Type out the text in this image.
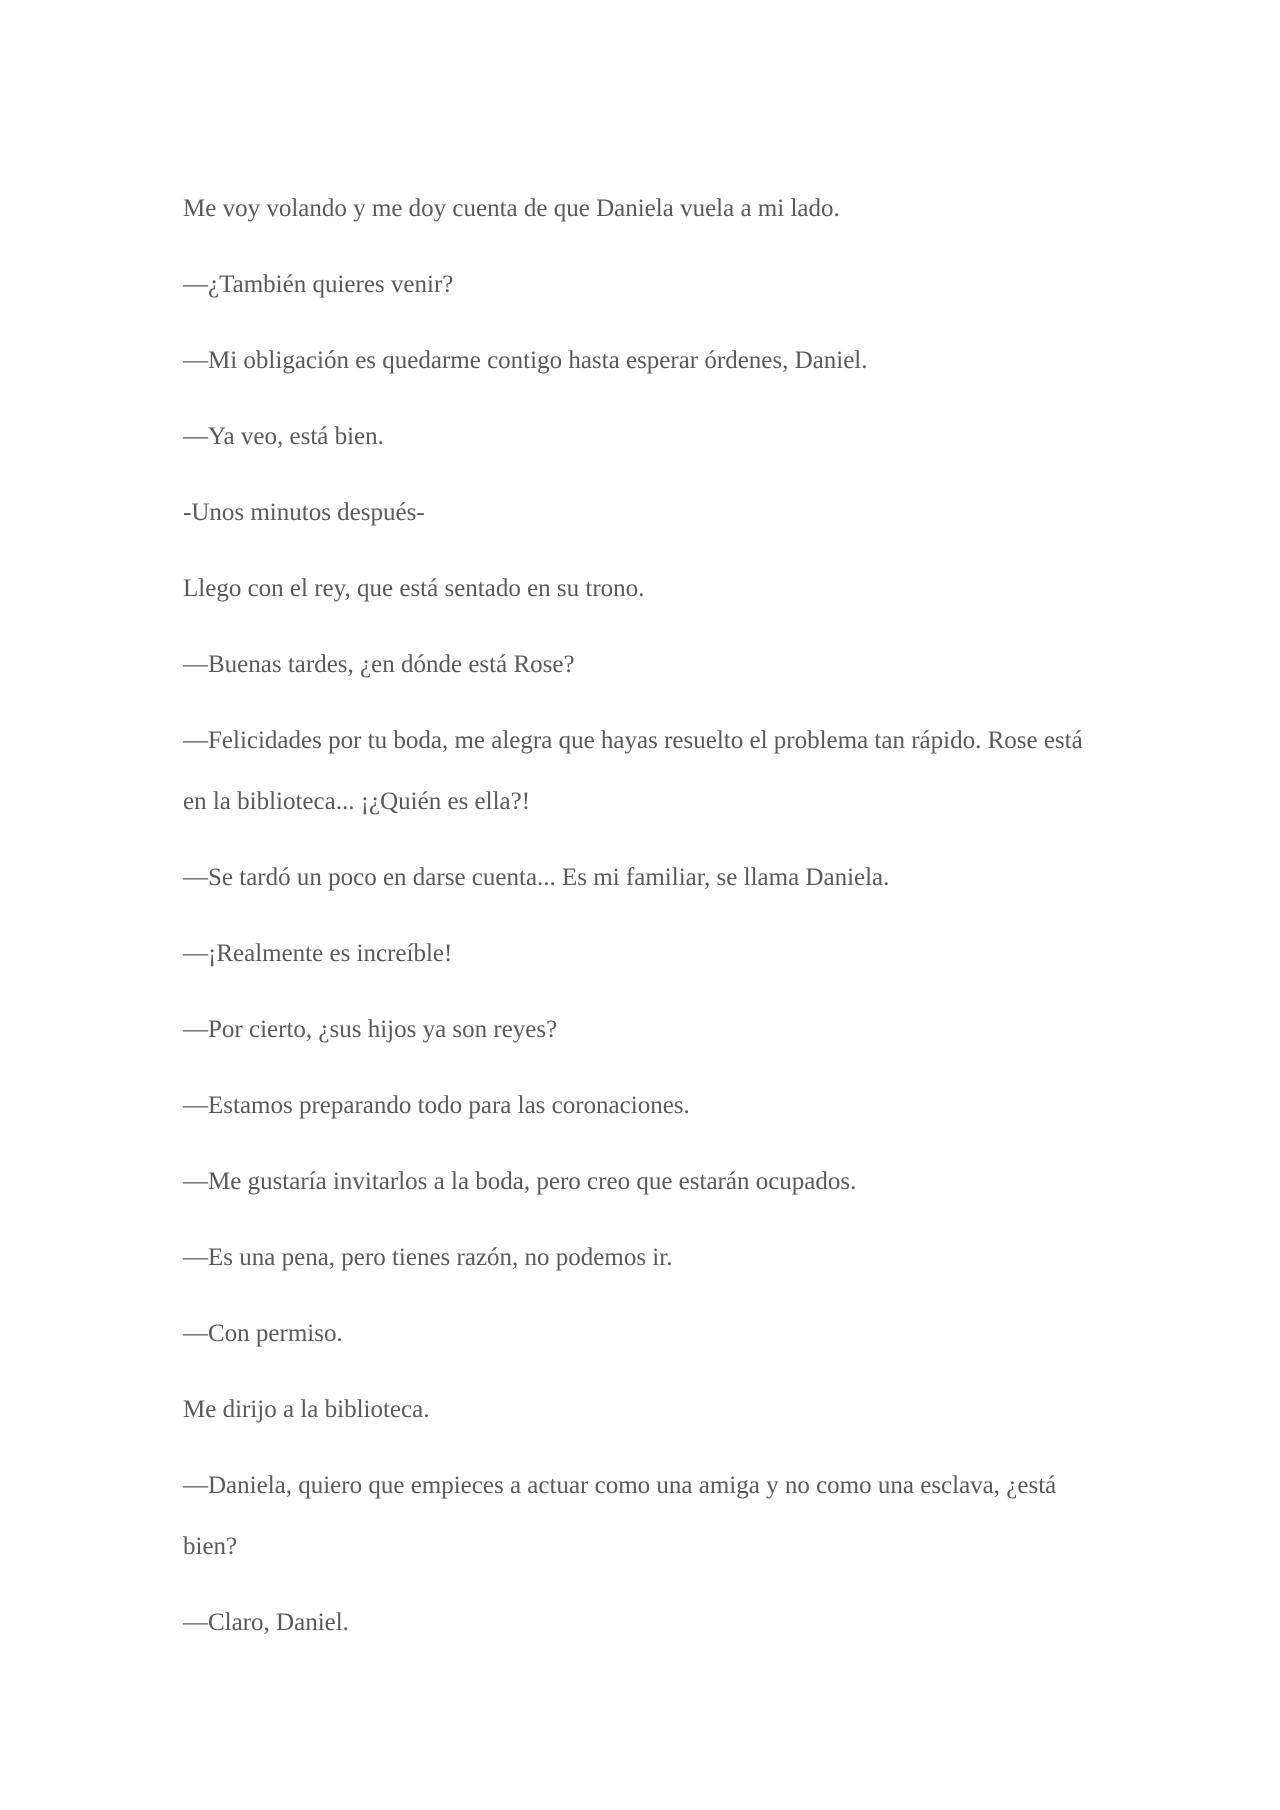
Me voy volando y me doy cuenta de que Daniela vuela a mi lado.

—¿También quieres venir?

—Mi obligación es quedarme contigo hasta esperar órdenes, Daniel.

—Ya veo, está bien.

-Unos minutos después-

Llego con el rey, que está sentado en su trono.

—Buenas tardes, ¿en dónde está Rose?

—Felicidades por tu boda, me alegra que hayas resuelto el problema tan rápido. Rose está en la biblioteca... ¡¿Quién es ella?!

—Se tardó un poco en darse cuenta... Es mi familiar, se llama Daniela.

—¡Realmente es increíble!

—Por cierto, ¿sus hijos ya son reyes?

—Estamos preparando todo para las coronaciones.

—Me gustaría invitarlos a la boda, pero creo que estarán ocupados.

—Es una pena, pero tienes razón, no podemos ir.

—Con permiso.

Me dirijo a la biblioteca.

—Daniela, quiero que empieces a actuar como una amiga y no como una esclava, ¿está bien?

—Claro, Daniel.
